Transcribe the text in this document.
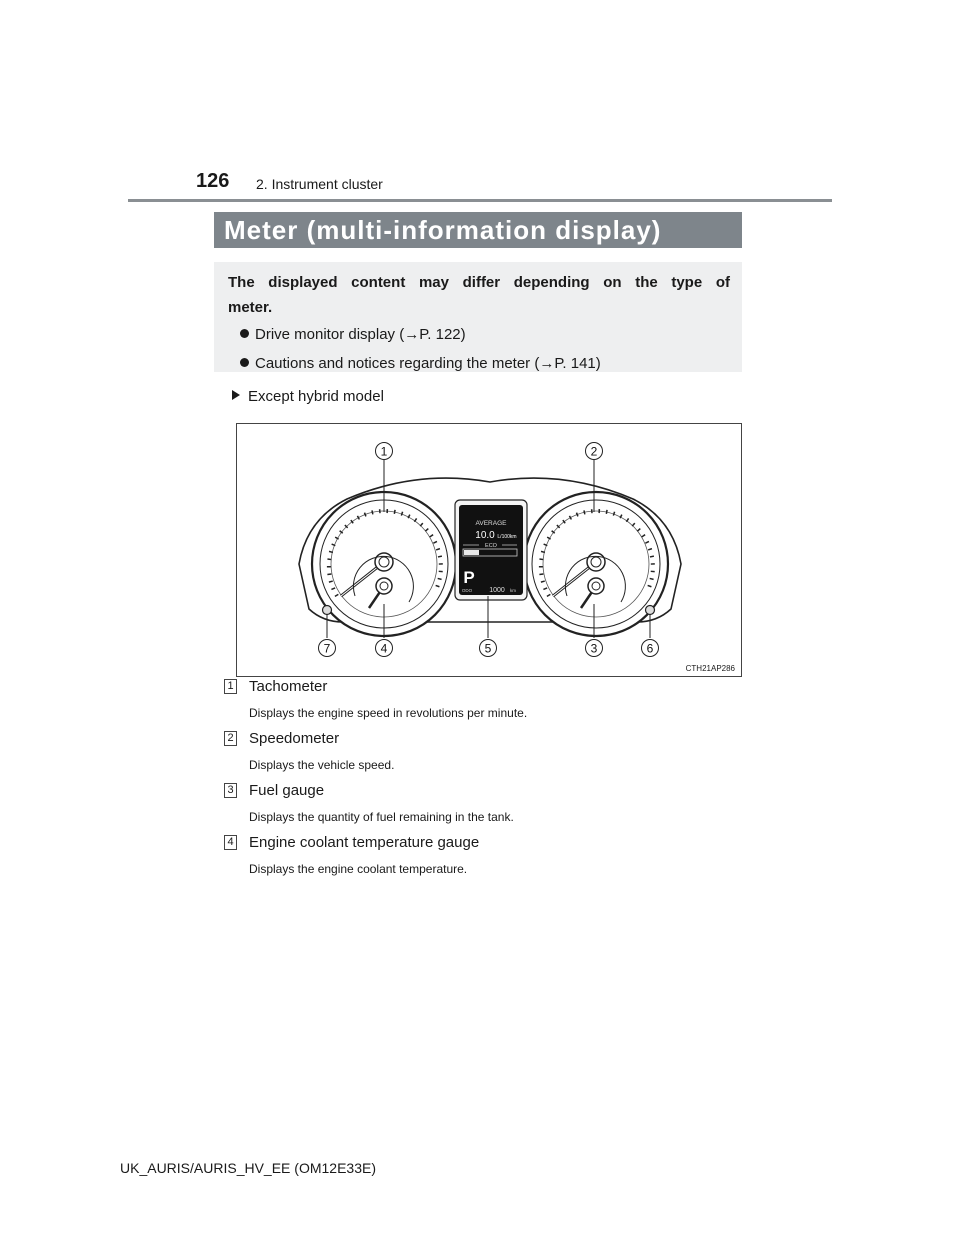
126 2. Instrument cluster
Meter (multi-information display)
The displayed content may differ depending on the type of
meter.
Drive monitor display (→P. 122)
Cautions and notices regarding the meter (→P. 141)
Except hybrid model
AVERAGE
10.0 L/100km
ECO
P
ODO 1000 km
1	2
3
4	5	6
7
CTH21AP286
1	Tachometer
Displays the engine speed in revolutions per minute.
2	Speedometer
Displays the vehicle speed.
3	Fuel gauge
Displays the quantity of fuel remaining in the tank.
4	Engine coolant temperature gauge
Displays the engine coolant temperature.
UK_AURIS/AURIS_HV_EE (OM12E33E)
